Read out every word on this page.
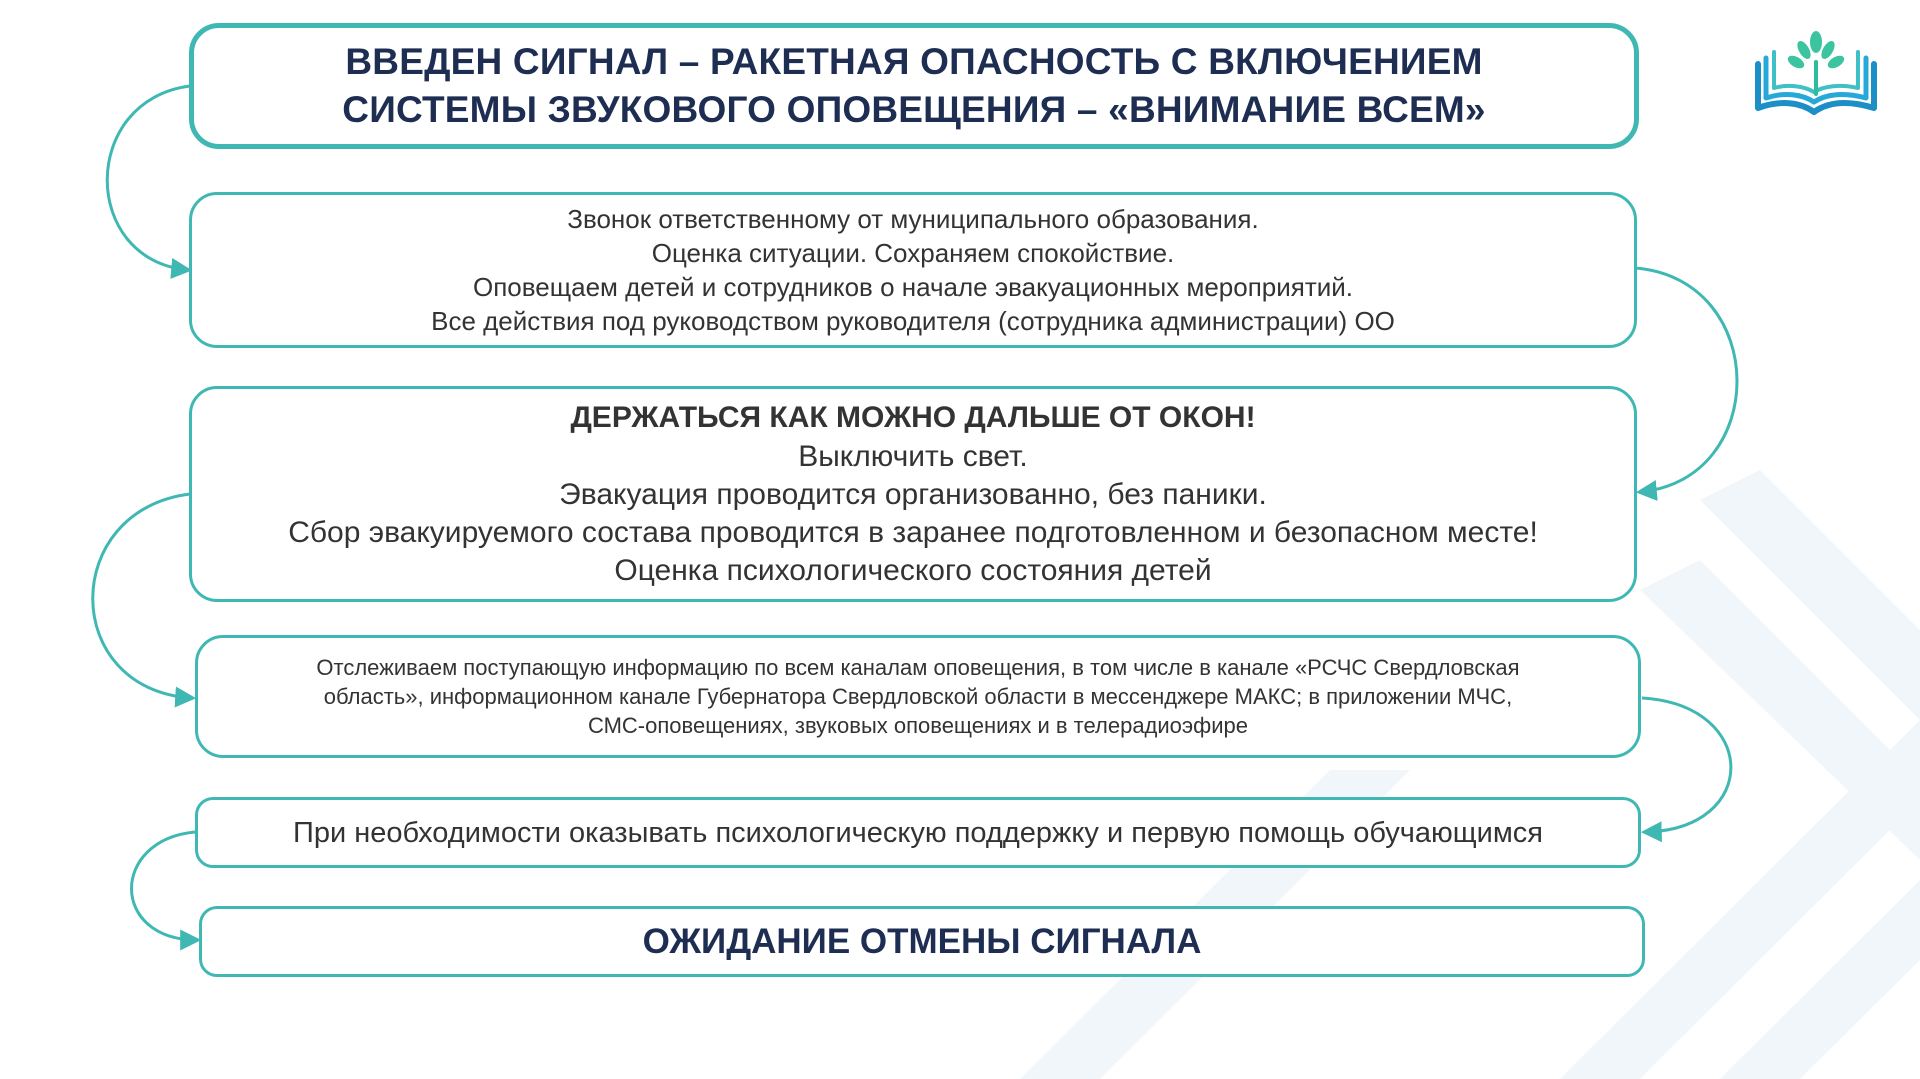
ВВЕДЕН СИГНАЛ – РАКЕТНАЯ ОПАСНОСТЬ С ВКЛЮЧЕНИЕМ
СИСТЕМЫ ЗВУКОВОГО ОПОВЕЩЕНИЯ – «ВНИМАНИЕ ВСЕМ»
Звонок ответственному от муниципального образования.
Оценка ситуации. Сохраняем спокойствие.
Оповещаем детей и сотрудников о начале эвакуационных мероприятий.
Все действия под руководством руководителя (сотрудника администрации) ОО
ДЕРЖАТЬСЯ КАК МОЖНО ДАЛЬШЕ ОТ ОКОН!
Выключить свет.
Эвакуация проводится организованно, без паники.
Сбор эвакуируемого состава проводится в заранее подготовленном и безопасном месте!
Оценка психологического состояния детей
Отслеживаем поступающую информацию по всем каналам оповещения, в том числе в канале «РСЧС Свердловская
область», информационном канале Губернатора Свердловской области в мессенджере МАКС; в приложении МЧС,
СМС-оповещениях, звуковых оповещениях и в телерадиоэфире
При необходимости оказывать психологическую поддержку и первую помощь обучающимся
ОЖИДАНИЕ ОТМЕНЫ СИГНАЛА
